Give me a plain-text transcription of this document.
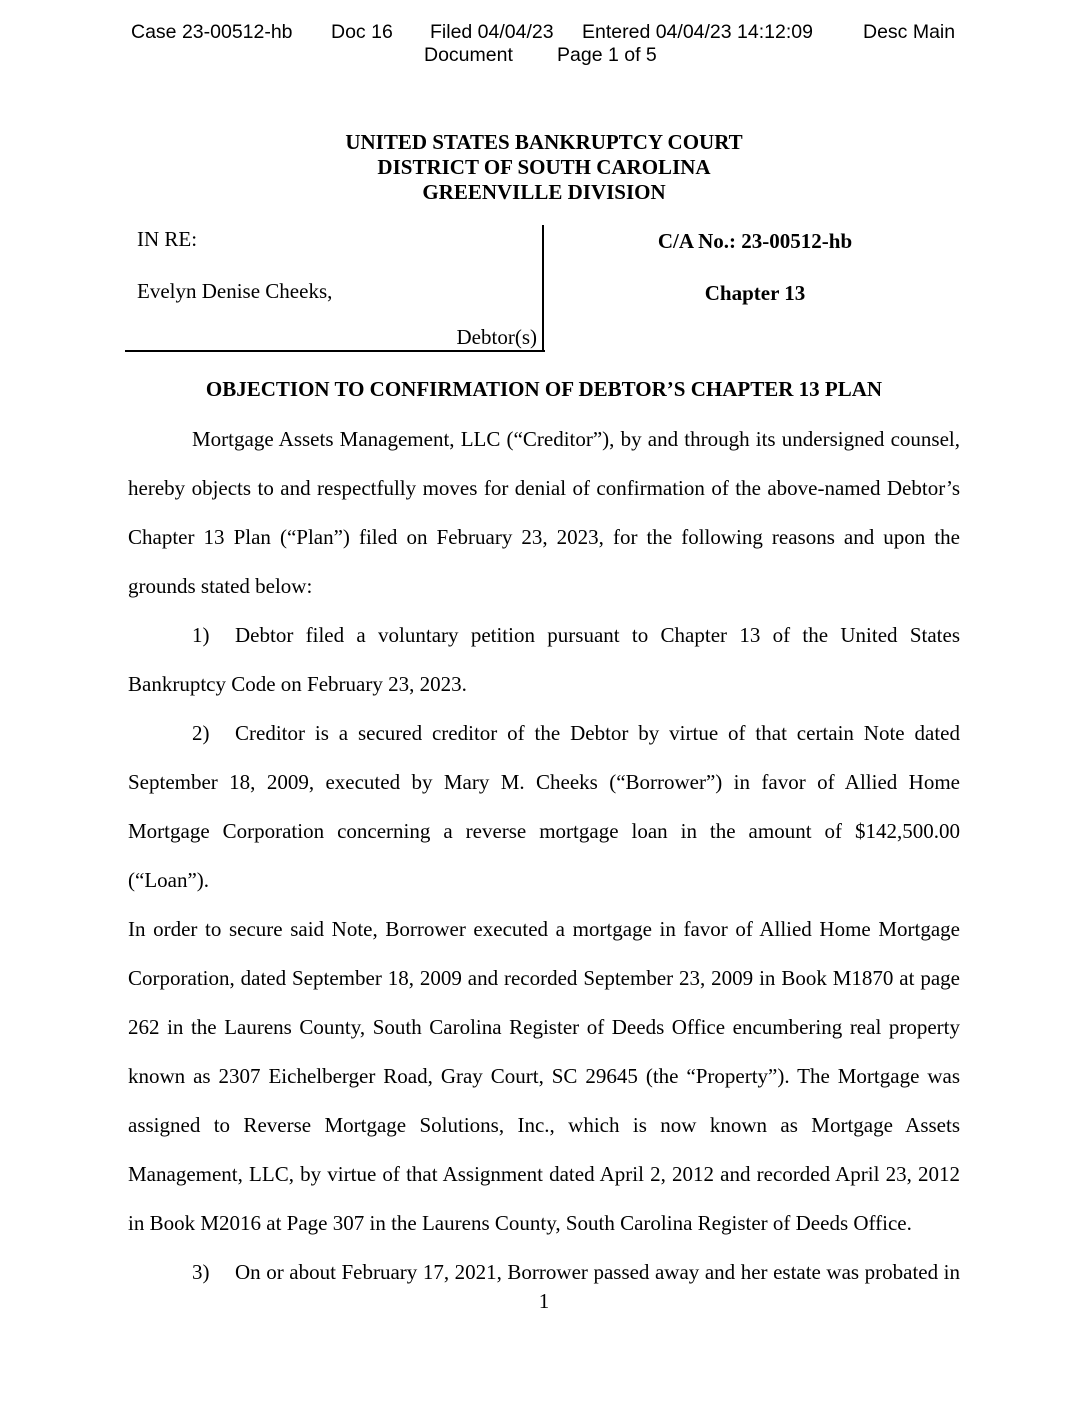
Case 23-00512-hb Doc 16 Filed 04/04/23 Entered 04/04/23 14:12:09	Desc Main
Document Page 1 of 5
UNITED STATES BANKRUPTCY COURT
DISTRICT OF SOUTH CAROLINA
GREENVILLE DIVISION
IN RE:
Evelyn Denise Cheeks,
Debtor(s)
C/A No.: 23-00512-hb
Chapter 13
OBJECTION TO CONFIRMATION OF DEBTOR’S CHAPTER 13 PLAN
Mortgage Assets Management, LLC (“Creditor”), by and through its undersigned counsel,
hereby objects to and respectfully moves for denial of confirmation of the above-named Debtor’s
Chapter 13 Plan (“Plan”) filed on February 23, 2023, for the following reasons and upon the
grounds stated below:
1) Debtor filed a voluntary petition pursuant to Chapter 13 of the United States
Bankruptcy Code on February 23, 2023.
2) Creditor is a secured creditor of the Debtor by virtue of that certain Note dated
September 18, 2009, executed by Mary M. Cheeks (“Borrower”) in favor of Allied Home
Mortgage Corporation concerning a reverse mortgage loan in the amount of $142,500.00 (“Loan”).
In order to secure said Note, Borrower executed a mortgage in favor of Allied Home Mortgage
Corporation, dated September 18, 2009 and recorded September 23, 2009 in Book M1870 at page
262 in the Laurens County, South Carolina Register of Deeds Office encumbering real property
known as 2307 Eichelberger Road, Gray Court, SC 29645 (the “Property”). The Mortgage was
assigned to Reverse Mortgage Solutions, Inc., which is now known as Mortgage Assets
Management, LLC, by virtue of that Assignment dated April 2, 2012 and recorded April 23, 2012
in Book M2016 at Page 307 in the Laurens County, South Carolina Register of Deeds Office.
3) On or about February 17, 2021, Borrower passed away and her estate was probated in
1
